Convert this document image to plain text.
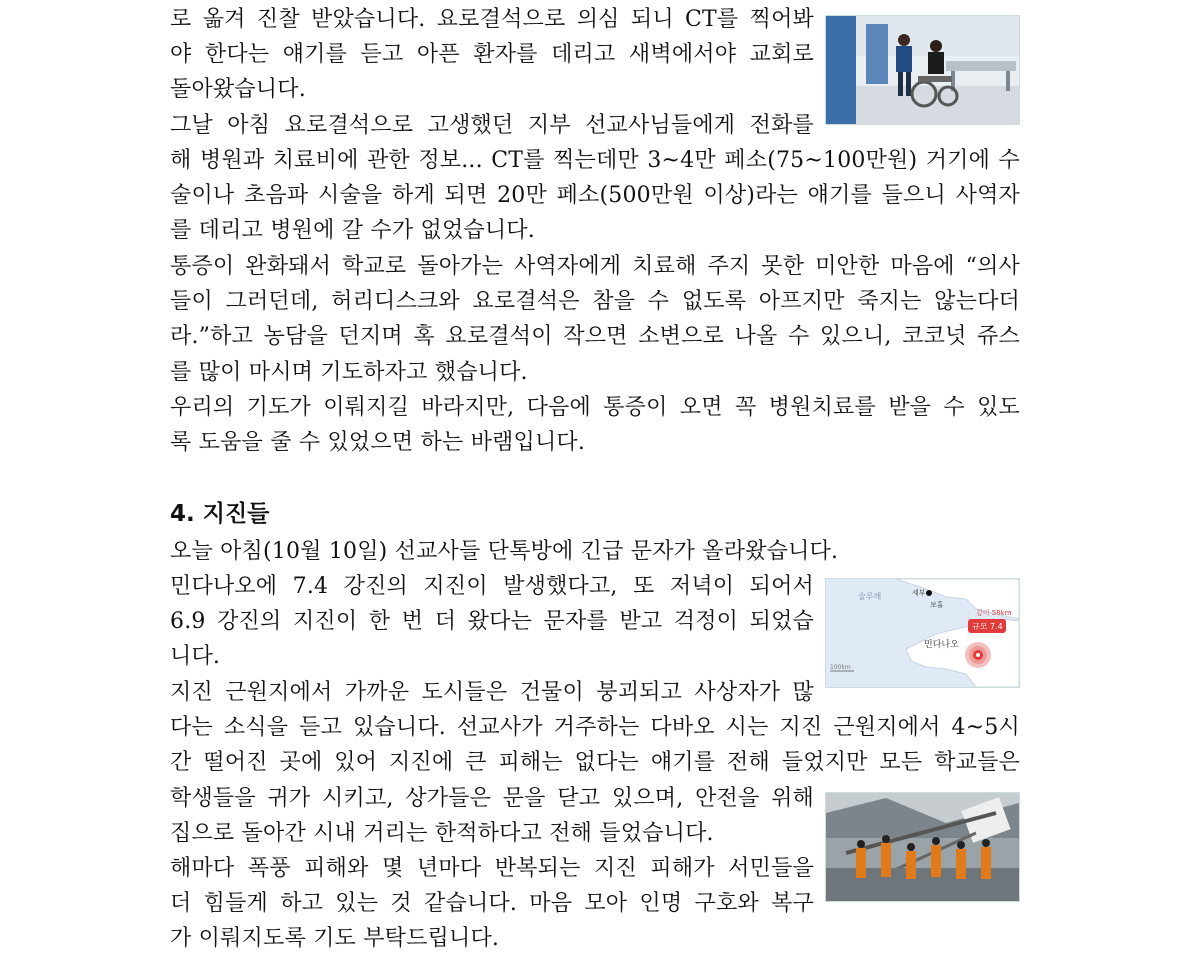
로 옮겨 진찰 받았습니다. 요로결석으로 의심 되니 CT를 찍어봐
야 한다는 얘기를 듣고 아픈 환자를 데리고 새벽에서야 교회로
돌아왔습니다.

그날 아침 요로결석으로 고생했던 지부 선교사님들에게 전화를

해 병원과 치료비에 관한 정보... CT를 찍는데만 3~4만 페소(75~100만원) 거기에 수
술이나 초음파 시술을 하게 되면 20만 페소(500만원 이상)라는 얘기를 들으니 사역자
를 데리고 병원에 갈 수가 없었습니다.

통증이 완화돼서 학교로 돌아가는 사역자에게 치료해 주지 못한 미안한 마음에 “의사
들이 그러던데, 허리디스크와 요로결석은 참을 수 없도록 아프지만 죽지는 않는다더
라.”하고 농담을 던지며 혹 요로결석이 작으면 소변으로 나올 수 있으니, 코코넛 쥬스
를 많이 마시며 기도하자고 했습니다.

우리의 기도가 이뤄지길 바라지만, 다음에 통증이 오면 꼭 병원치료를 받을 수 있도
록 도움을 줄 수 있었으면 하는 바램입니다.

4. 지진들

오늘 아침(10월 10일) 선교사들 단톡방에 긴급 문자가 올라왔습니다.

민다나오에 7.4 강진의 지진이 발생했다고, 또 저녁이 되어서
6.9 강진의 지진이 한 번 더 왔다는 문자를 받고 걱정이 되었습
니다.

지진 근원지에서 가까운 도시들은 건물이 붕괴되고 사상자가 많

다는 소식을 듣고 있습니다. 선교사가 거주하는 다바오 시는 지진 근원지에서 4~5시
간 떨어진 곳에 있어 지진에 큰 피해는 없다는 얘기를 전해 들었지만 모든 학교들은

학생들을 귀가 시키고, 상가들은 문을 닫고 있으며, 안전을 위해
집으로 돌아간 시내 거리는 한적하다고 전해 들었습니다.

해마다 폭풍 피해와 몇 년마다 반복되는 지진 피해가 서민들을
더 힘들게 하고 있는 것 같습니다. 마음 모아 인명 구호와 복구
가 이뤄지도록 기도 부탁드립니다.

술루해	세부
보홀
깊이 58km
규모 7.4
민다나오
100km
